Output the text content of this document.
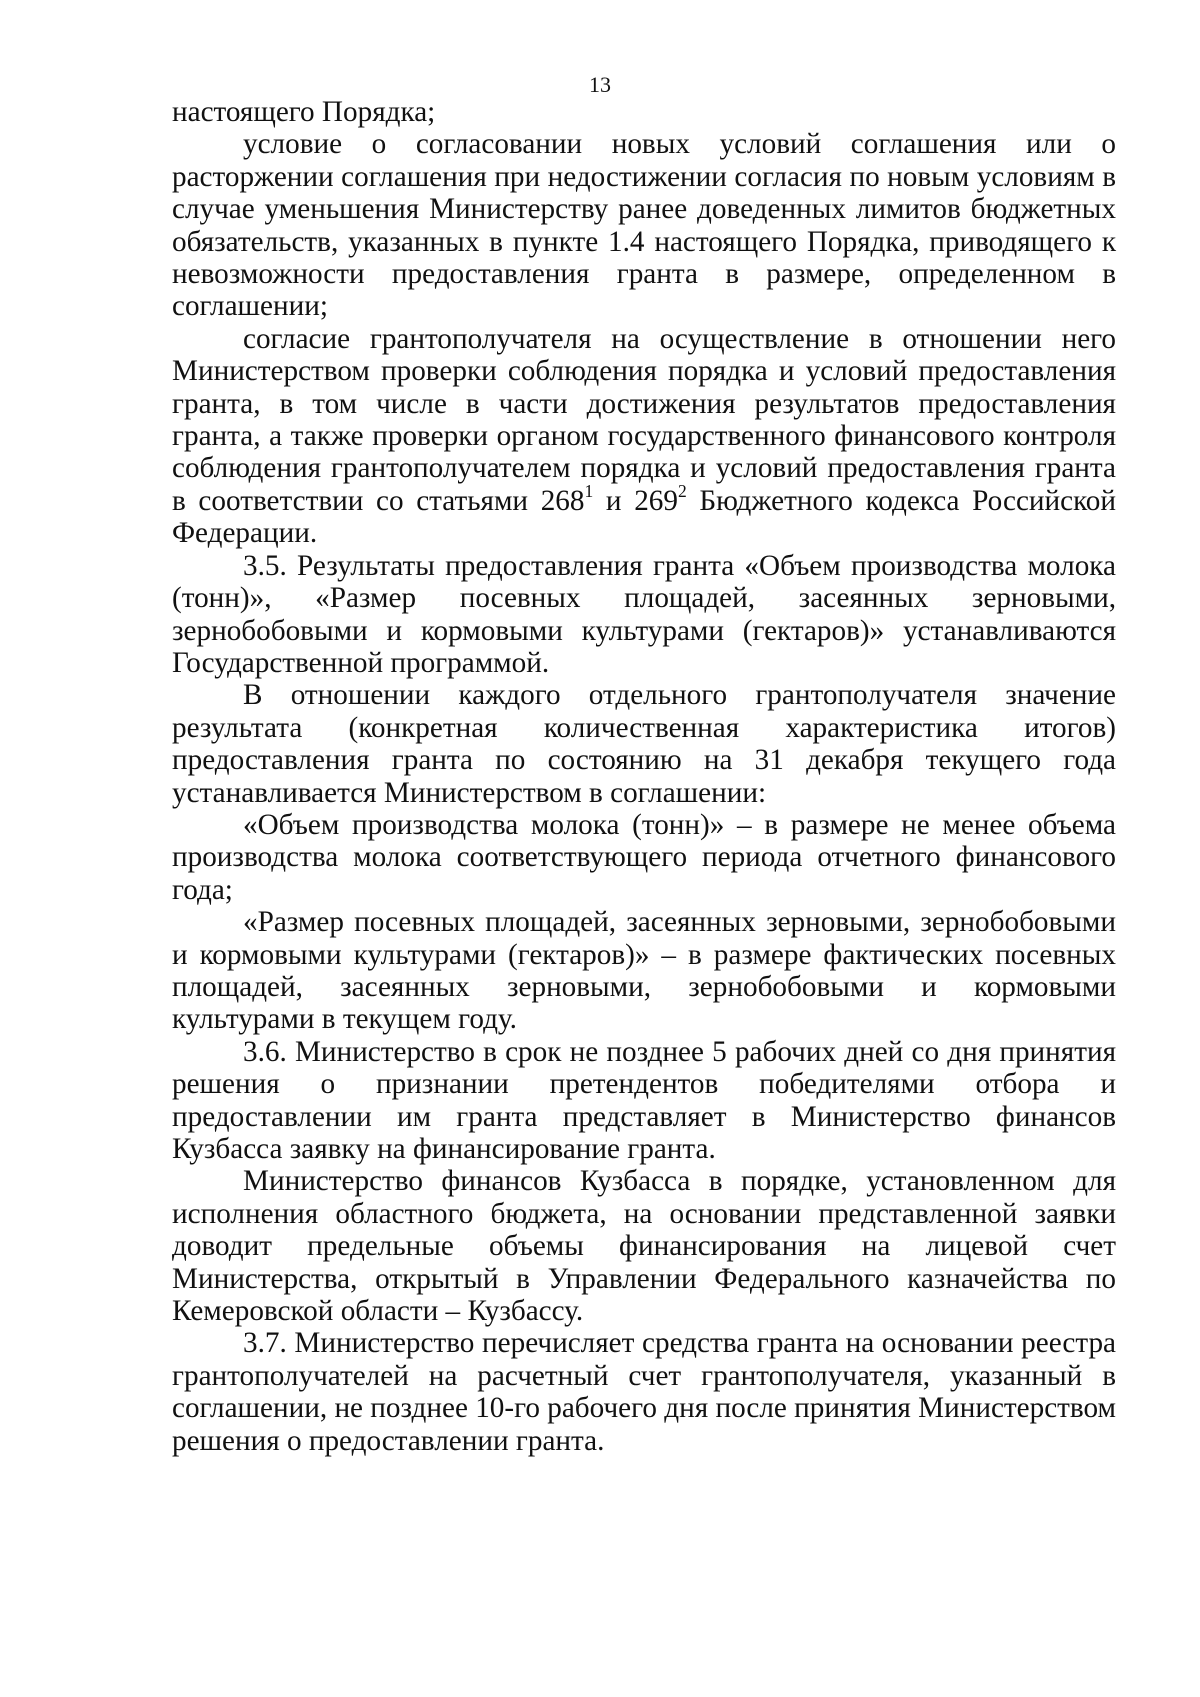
13

настоящего Порядка;

условие о согласовании новых условий соглашения или о расторжении соглашения при недостижении согласия по новым условиям в случае уменьшения Министерству ранее доведенных лимитов бюджетных обязательств, указанных в пункте 1.4 настоящего Порядка, приводящего к невозможности предоставления гранта в размере, определенном в соглашении;

согласие грантополучателя на осуществление в отношении него Министерством проверки соблюдения порядка и условий предоставления гранта, в том числе в части достижения результатов предоставления гранта, а также проверки органом государственного финансового контроля соблюдения грантополучателем порядка и условий предоставления гранта в соответствии со статьями $268^1$ и $269^2$ Бюджетного кодекса Российской Федерации.

3.5. Результаты предоставления гранта «Объем производства молока (тонн)», «Размер посевных площадей, засеянных зерновыми, зернобобовыми и кормовыми культурами (гектаров)» устанавливаются Государственной программой.

В отношении каждого отдельного грантополучателя значение результата (конкретная количественная характеристика итогов) предоставления гранта по состоянию на 31 декабря текущего года устанавливается Министерством в соглашении:

«Объем производства молока (тонн)» – в размере не менее объема производства молока соответствующего периода отчетного финансового года;

«Размер посевных площадей, засеянных зерновыми, зернобобовыми и кормовыми культурами (гектаров)» – в размере фактических посевных площадей, засеянных зерновыми, зернобобовыми и кормовыми культурами в текущем году.

3.6. Министерство в срок не позднее 5 рабочих дней со дня принятия решения о признании претендентов победителями отбора и предоставлении им гранта представляет в Министерство финансов Кузбасса заявку на финансирование гранта.

Министерство финансов Кузбасса в порядке, установленном для исполнения областного бюджета, на основании представленной заявки доводит предельные объемы финансирования на лицевой счет Министерства, открытый в Управлении Федерального казначейства по Кемеровской области – Кузбассу.

3.7. Министерство перечисляет средства гранта на основании реестра грантополучателей на расчетный счет грантополучателя, указанный в соглашении, не позднее 10-го рабочего дня после принятия Министерством решения о предоставлении гранта.
